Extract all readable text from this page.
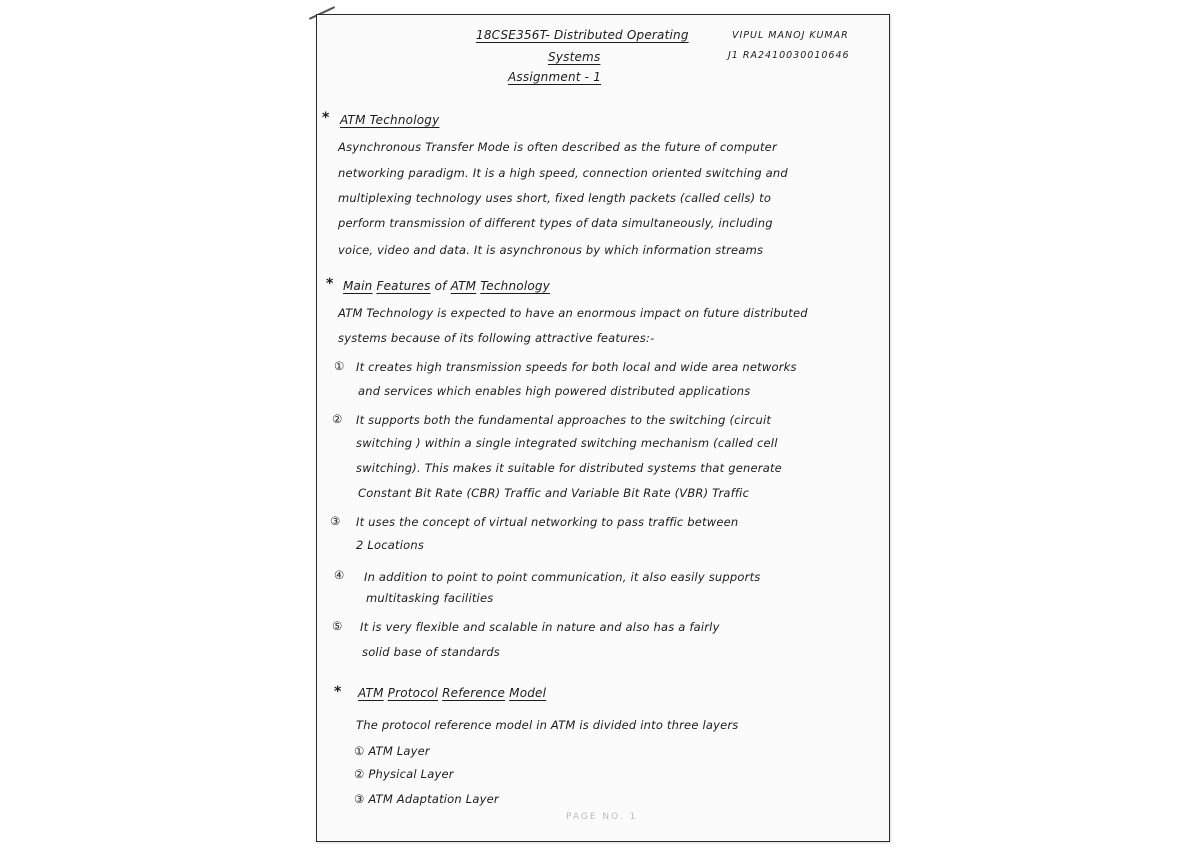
18CSE356T- Distributed Operating
Systems
Assignment - 1
VIPUL MANOJ KUMAR
J1 RA2410030010646
* ATM Technology
Asynchronous Transfer Mode is often described as the future of computer
networking paradigm. It is a high speed, connection oriented switching and
multiplexing technology uses short, fixed length packets (called cells) to
perform transmission of different types of data simultaneously, including
voice, video and data. It is asynchronous by which information streams
* Main Features of ATM Technology
ATM Technology is expected to have an enormous impact on future distributed
systems because of its following attractive features:-
① It creates high transmission speeds for both local and wide area networks
and services which enables high powered distributed applications
② It supports both the fundamental approaches to the switching (circuit
switching ) within a single integrated switching mechanism (called cell
switching). This makes it suitable for distributed systems that generate
Constant Bit Rate (CBR) Traffic and Variable Bit Rate (VBR) Traffic
③ It uses the concept of virtual networking to pass traffic between
2 Locations
④ In addition to point to point communication, it also easily supports
multitasking facilities
⑤ It is very flexible and scalable in nature and also has a fairly
solid base of standards
* ATM Protocol Reference Model
The protocol reference model in ATM is divided into three layers
① ATM Layer
② Physical Layer
③ ATM Adaptation Layer
PAGE NO. 1
